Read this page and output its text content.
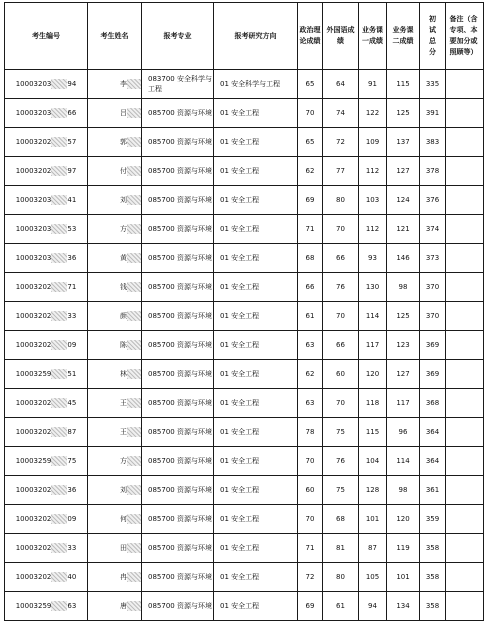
考生编号	考生姓名	报考专业	报考研究方向	政治理论成绩	外国语成绩	业务课一成绩	业务课二成绩	初试总分	备注（含专项、本要加分或照顾等）
10003203 94	李	083700 安全科学与工程	01 安全科学与工程	65	64	91	115	335	
10003203 66	吕	085700 资源与环境	01 安全工程	70	74	122	125	391	
10003202 57	郭	085700 资源与环境	01 安全工程	65	72	109	137	383	
10003202 97	付	085700 资源与环境	01 安全工程	62	77	112	127	378	
10003203 41	刘	085700 资源与环境	01 安全工程	69	80	103	124	376	
10003203 53	方	085700 资源与环境	01 安全工程	71	70	112	121	374	
10003203 36	黄	085700 资源与环境	01 安全工程	68	66	93	146	373	
10003202 71	钱	085700 资源与环境	01 安全工程	66	76	130	98	370	
10003202 33	颜	085700 资源与环境	01 安全工程	61	70	114	125	370	
10003202 09	陈	085700 资源与环境	01 安全工程	63	66	117	123	369	
10003259 51	林	085700 资源与环境	01 安全工程	62	60	120	127	369	
10003202 45	王	085700 资源与环境	01 安全工程	63	70	118	117	368	
10003202 87	王	085700 资源与环境	01 安全工程	78	75	115	96	364	
10003259 75	方	085700 资源与环境	01 安全工程	70	76	104	114	364	
10003202 36	刘	085700 资源与环境	01 安全工程	60	75	128	98	361	
10003202 09	何	085700 资源与环境	01 安全工程	70	68	101	120	359	
10003202 33	田	085700 资源与环境	01 安全工程	71	81	87	119	358	
10003202 40	冉	085700 资源与环境	01 安全工程	72	80	105	101	358	
10003259 63	唐	085700 资源与环境	01 安全工程	69	61	94	134	358	
